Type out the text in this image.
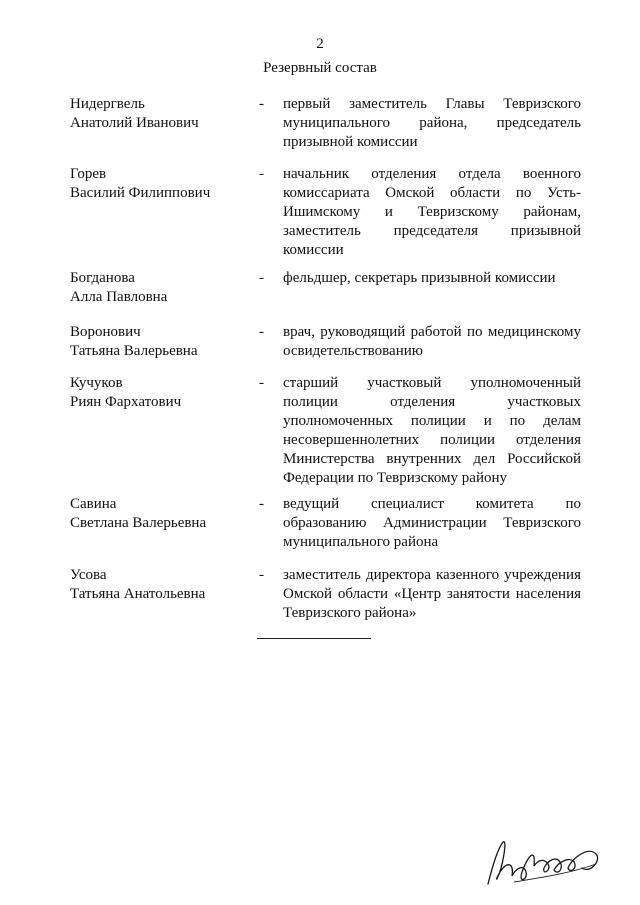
2
Резервный состав
Нидергвель
Анатолий Иванович
- первый заместитель Главы Тевризского
муниципального района, председатель
призывной комиссии
Горев
Василий Филиппович
- начальник отделения отдела военного
комиссариата Омской области по Усть-
Ишимскому и Тевризскому районам,
заместитель председателя призывной
комиссии
Богданова
Алла Павловна
- фельдшер, секретарь призывной комиссии
Воронович
Татьяна Валерьевна
- врач, руководящий работой по медицинскому
освидетельствованию
Кучуков
Риян Фархатович
- старший участковый уполномоченный
полиции отделения участковых
уполномоченных полиции и по делам
несовершеннолетних полиции отделения
Министерства внутренних дел Российской
Федерации по Тевризскому району
Савина
Светлана Валерьевна
- ведущий специалист комитета по
образованию Администрации Тевризского
муниципального района
Усова
Татьяна Анатольевна
- заместитель директора казенного учреждения
Омской области «Центр занятости населения
Тевризского района»
